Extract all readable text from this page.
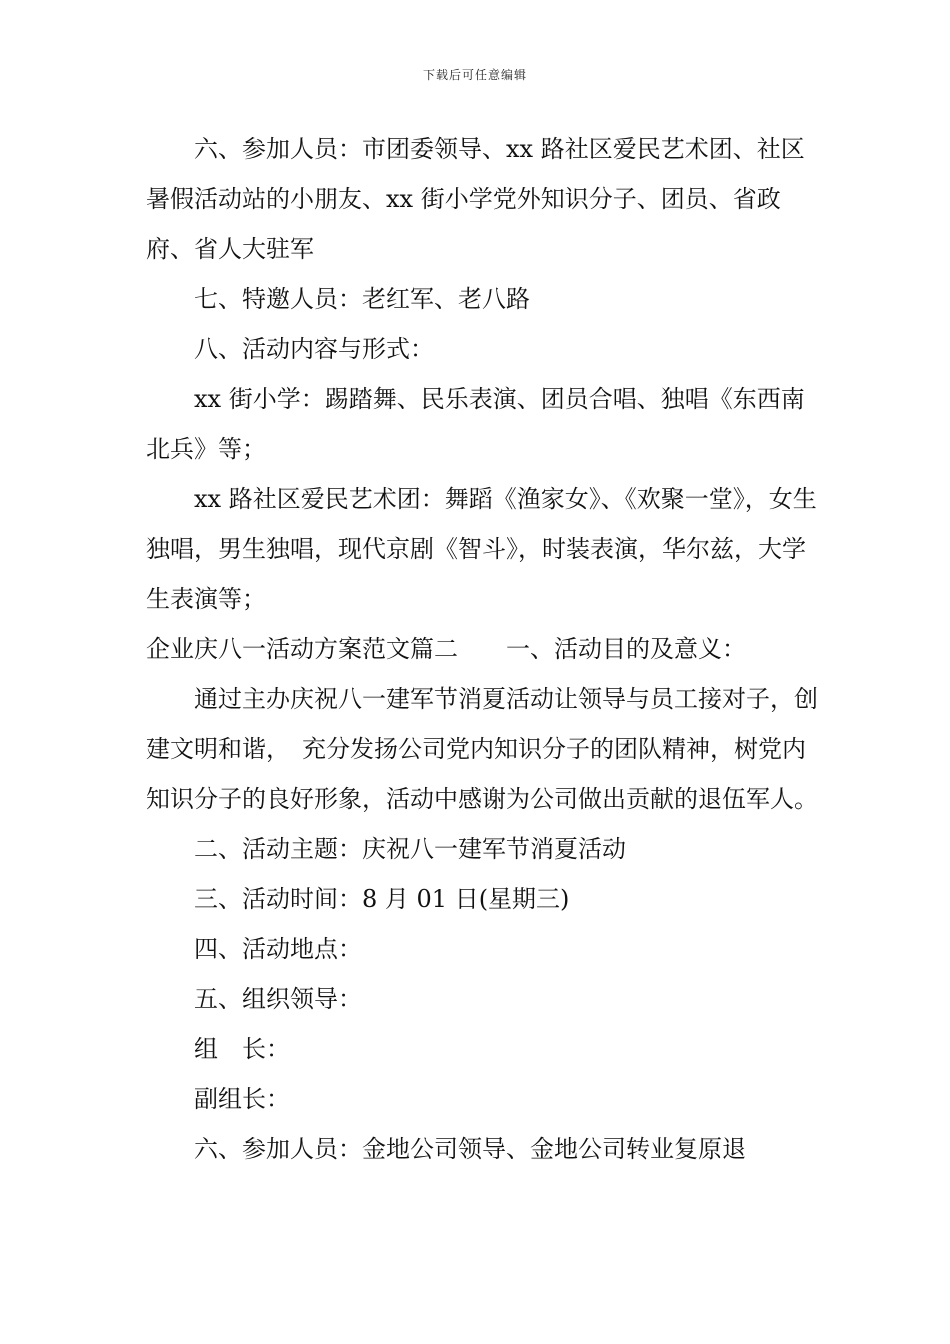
下载后可任意编辑

六、参加人员：市团委领导、xx 路社区爱民艺术团、社区暑假活动站的小朋友、xx 街小学党外知识分子、团员、省政府、省人大驻军

七、特邀人员：老红军、老八路

八、活动内容与形式：

xx 街小学：踢踏舞、民乐表演、团员合唱、独唱《东西南北兵》等；

xx 路社区爱民艺术团：舞蹈《渔家女》、《欢聚一堂》，女生独唱，男生独唱，现代京剧《智斗》，时装表演，华尔兹，大学生表演等；

企业庆八一活动方案范文篇二　　一、活动目的及意义：

通过主办庆祝八一建军节消夏活动让领导与员工接对子，创建文明和谐，　充分发扬公司党内知识分子的团队精神，树党内知识分子的良好形象，活动中感谢为公司做出贡献的退伍军人。

二、活动主题：庆祝八一建军节消夏活动

三、活动时间：8 月 01 日(星期三)

四、活动地点：

五、组织领导：

组　长：

副组长：

六、参加人员：金地公司领导、金地公司转业复原退
